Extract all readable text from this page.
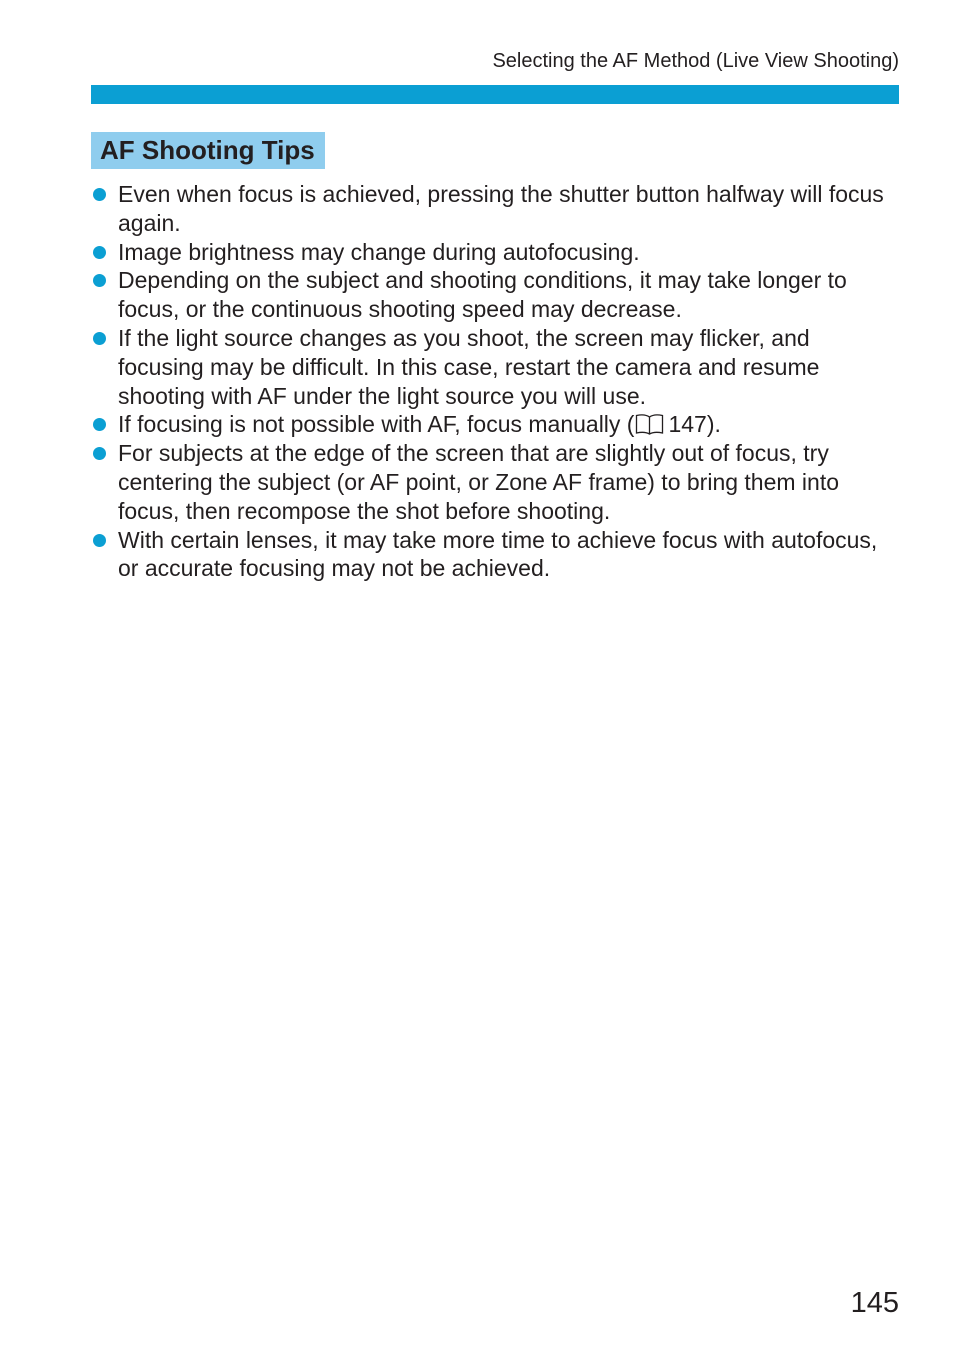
Selecting the AF Method (Live View Shooting)
AF Shooting Tips
Even when focus is achieved, pressing the shutter button halfway will focus again.
Image brightness may change during autofocusing.
Depending on the subject and shooting conditions, it may take longer to focus, or the continuous shooting speed may decrease.
If the light source changes as you shoot, the screen may flicker, and focusing may be difficult. In this case, restart the camera and resume shooting with AF under the light source you will use.
If focusing is not possible with AF, focus manually ( 147).
For subjects at the edge of the screen that are slightly out of focus, try centering the subject (or AF point, or Zone AF frame) to bring them into focus, then recompose the shot before shooting.
With certain lenses, it may take more time to achieve focus with autofocus, or accurate focusing may not be achieved.
145
